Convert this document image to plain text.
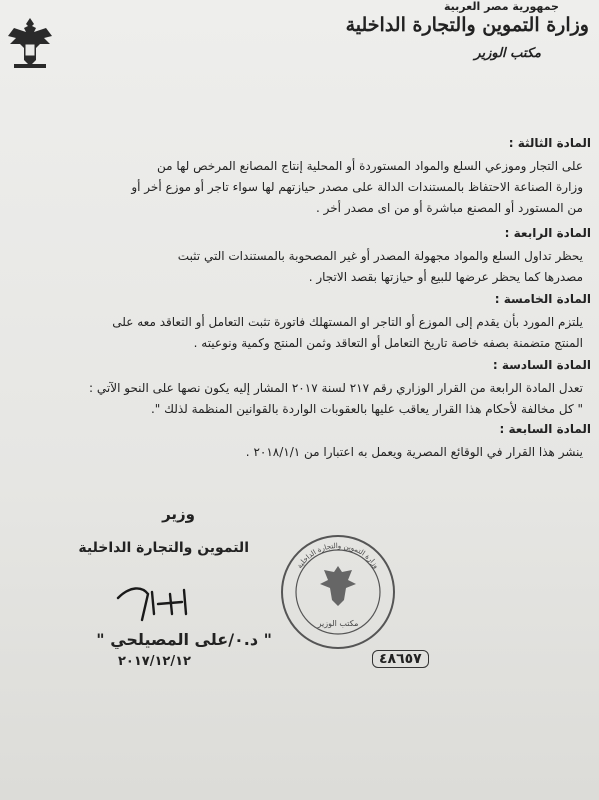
جمهورية مصر العربية
وزارة التموين والتجارة الداخلية
مكتب الوزير
المادة الثالثة :

على التجار وموزعي السلع والمواد المستوردة أو المحلية إنتاج المصانع المرخص لها من

وزارة الصناعة الاحتفاظ بالمستندات الدالة على مصدر حيازتهم لها سواء تاجر أو موزع أخر أو

من المستورد أو المصنع مباشرة أو من اى مصدر أخر .

المادة الرابعة :

يحظر تداول السلع والمواد مجهولة المصدر أو غير المصحوبة بالمستندات التي تثبت

مصدرها كما يحظر عرضها للبيع أو حيازتها بقصد الاتجار .

المادة الخامسة :

يلتزم المورد بأن يقدم إلى الموزع أو التاجر او المستهلك فاتورة تثبت التعامل أو التعاقد معه على

المنتج متضمنة بصفه خاصة تاريخ التعامل أو التعاقد وثمن المنتج وكمية ونوعيته .

المادة السادسة :

تعدل المادة الرابعة من القرار الوزاري رقم ٢١٧ لسنة ٢٠١٧ المشار إليه يكون نصها على النحو الآتي :

" كل مخالفة لأحكام هذا القرار يعاقب عليها بالعقوبات الواردة بالقوانين المنظمة لذلك ".

المادة السابعة :

ينشر هذا القرار في الوقائع المصرية ويعمل به اعتبارا من ٢٠١٨/١/١ .

وزير
التموين والتجارة الداخلية
" د.٠/على المصيلحي "
٢٠١٧/١٢/١٢
وزارة التموين والتجارة الداخلية
مكتب الوزير
٤٨٦٥٧
